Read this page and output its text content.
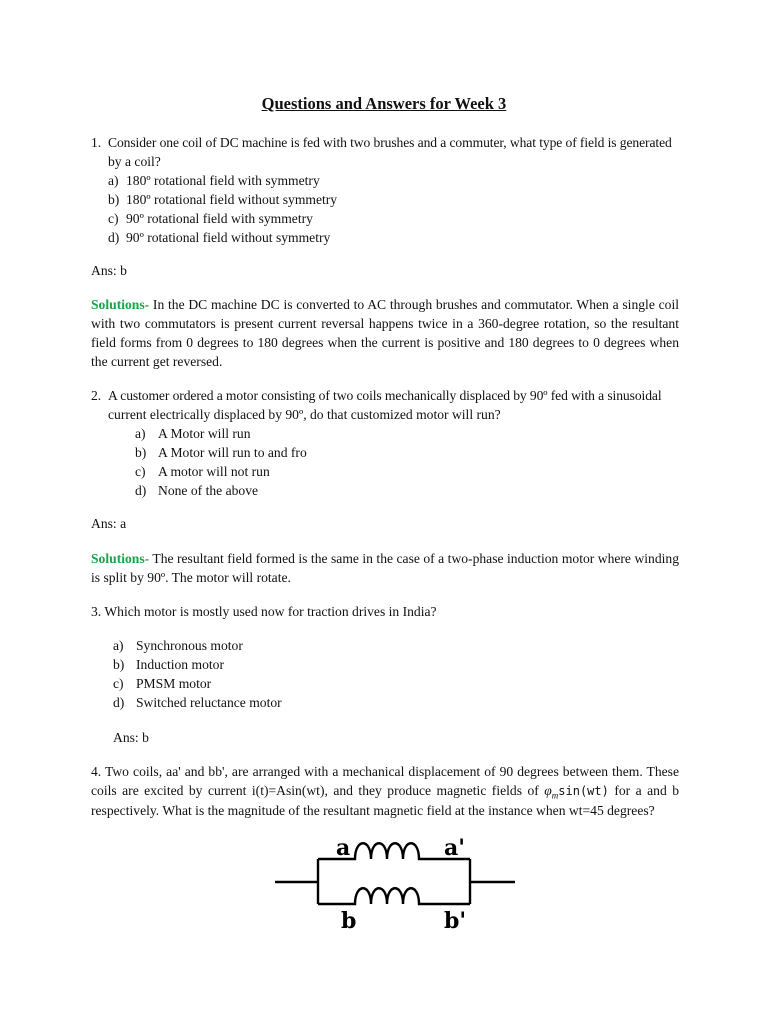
Questions and Answers for Week 3
1. Consider one coil of DC machine is fed with two brushes and a commuter, what type of field is generated
by a coil?
a) 180º rotational field with symmetry
b) 180º rotational field without symmetry
c) 90º rotational field with symmetry
d) 90º rotational field without symmetry
Ans: b
Solutions- In the DC machine DC is converted to AC through brushes and commutator. When a single coil with two commutators is present current reversal happens twice in a 360-degree rotation, so the resultant field forms from 0 degrees to 180 degrees when the current is positive and 180 degrees to 0 degrees when the current get reversed.
2. A customer ordered a motor consisting of two coils mechanically displaced by 90º fed with a sinusoidal
current electrically displaced by 90º, do that customized motor will run?
a) A Motor will run
b) A Motor will run to and fro
c) A motor will not run
d) None of the above
Ans: a
Solutions- The resultant field formed is the same in the case of a two-phase induction motor where winding is split by 90º. The motor will rotate.
3. Which motor is mostly used now for traction drives in India?
a) Synchronous motor
b) Induction motor
c) PMSM motor
d) Switched reluctance motor
Ans: b
4. Two coils, aa' and bb', are arranged with a mechanical displacement of 90 degrees between them. These coils are excited by current i(t)=Asin(wt), and they produce magnetic fields of $\varphi_m\sin(wt)$ for a and b respectively. What is the magnitude of the resultant magnetic field at the instance when wt=45 degrees?
a	a'
b	b'
